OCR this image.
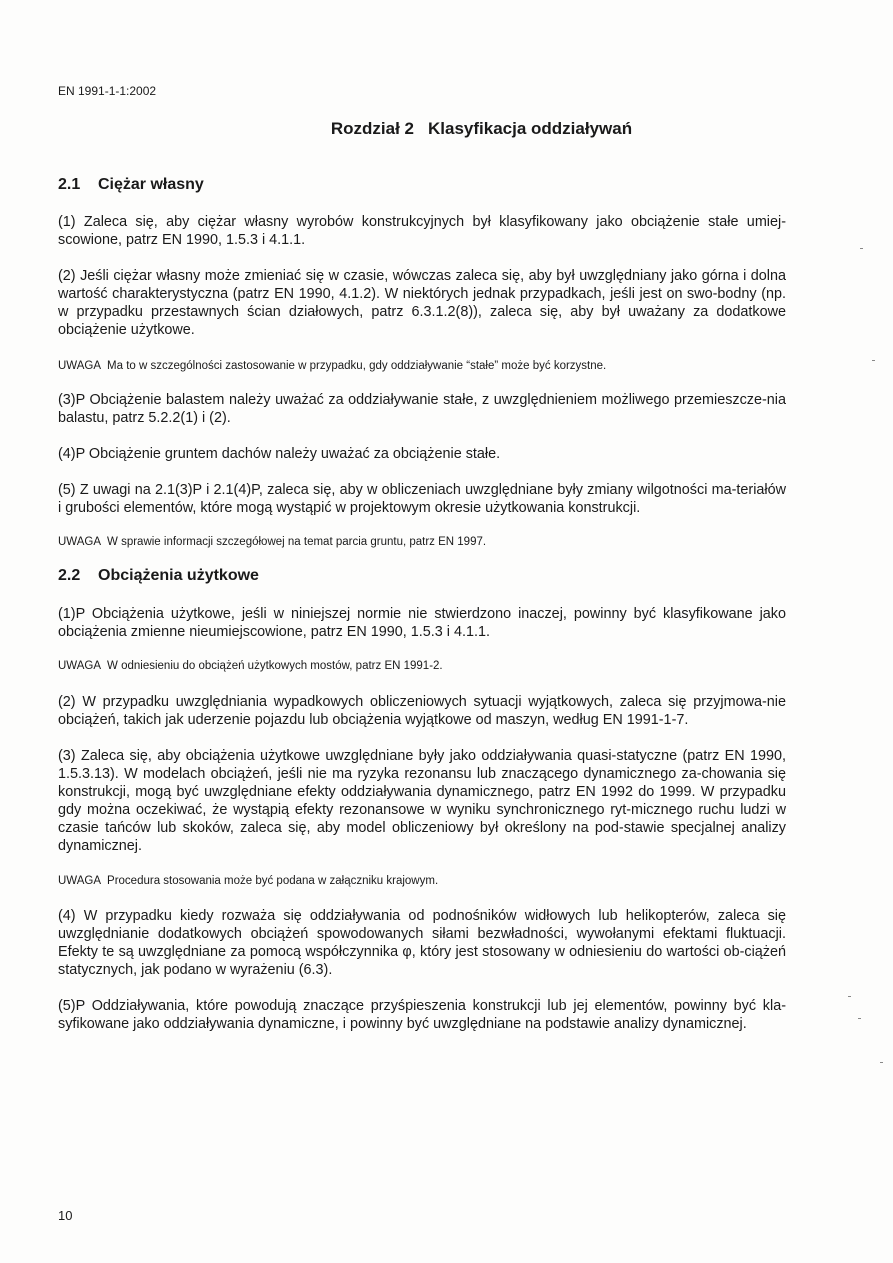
EN 1991-1-1:2002
Rozdział 2 Klasyfikacja oddziaływań
2.1 Ciężar własny

(1) Zaleca się, aby ciężar własny wyrobów konstrukcyjnych był klasyfikowany jako obciążenie stałe umiej-scowione, patrz EN 1990, 1.5.3 i 4.1.1.

(2) Jeśli ciężar własny może zmieniać się w czasie, wówczas zaleca się, aby był uwzględniany jako górna i dolna wartość charakterystyczna (patrz EN 1990, 4.1.2). W niektórych jednak przypadkach, jeśli jest on swo-bodny (np. w przypadku przestawnych ścian działowych, patrz 6.3.1.2(8)), zaleca się, aby był uważany za dodatkowe obciążenie użytkowe.

UWAGA Ma to w szczególności zastosowanie w przypadku, gdy oddziaływanie “stałe” może być korzystne.

(3)P Obciążenie balastem należy uważać za oddziaływanie stałe, z uwzględnieniem możliwego przemieszcze-nia balastu, patrz 5.2.2(1) i (2).

(4)P Obciążenie gruntem dachów należy uważać za obciążenie stałe.

(5) Z uwagi na 2.1(3)P i 2.1(4)P, zaleca się, aby w obliczeniach uwzględniane były zmiany wilgotności ma-teriałów i grubości elementów, które mogą wystąpić w projektowym okresie użytkowania konstrukcji.

UWAGA W sprawie informacji szczegółowej na temat parcia gruntu, patrz EN 1997.

2.2 Obciążenia użytkowe

(1)P Obciążenia użytkowe, jeśli w niniejszej normie nie stwierdzono inaczej, powinny być klasyfikowane jako obciążenia zmienne nieumiejscowione, patrz EN 1990, 1.5.3 i 4.1.1.

UWAGA W odniesieniu do obciążeń użytkowych mostów, patrz EN 1991-2.

(2) W przypadku uwzględniania wypadkowych obliczeniowych sytuacji wyjątkowych, zaleca się przyjmowa-nie obciążeń, takich jak uderzenie pojazdu lub obciążenia wyjątkowe od maszyn, według EN 1991-1-7.

(3) Zaleca się, aby obciążenia użytkowe uwzględniane były jako oddziaływania quasi-statyczne (patrz EN 1990, 1.5.3.13). W modelach obciążeń, jeśli nie ma ryzyka rezonansu lub znaczącego dynamicznego za-chowania się konstrukcji, mogą być uwzględniane efekty oddziaływania dynamicznego, patrz EN 1992 do 1999. W przypadku gdy można oczekiwać, że wystąpią efekty rezonansowe w wyniku synchronicznego ryt-micznego ruchu ludzi w czasie tańców lub skoków, zaleca się, aby model obliczeniowy był określony na pod-stawie specjalnej analizy dynamicznej.

UWAGA Procedura stosowania może być podana w załączniku krajowym.

(4) W przypadku kiedy rozważa się oddziaływania od podnośników widłowych lub helikopterów, zaleca się uwzględnianie dodatkowych obciążeń spowodowanych siłami bezwładności, wywołanymi efektami fluktuacji. Efekty te są uwzględniane za pomocą współczynnika φ, który jest stosowany w odniesieniu do wartości ob-ciążeń statycznych, jak podano w wyrażeniu (6.3).

(5)P Oddziaływania, które powodują znaczące przyśpieszenia konstrukcji lub jej elementów, powinny być kla-syfikowane jako oddziaływania dynamiczne, i powinny być uwzględniane na podstawie analizy dynamicznej.

10
